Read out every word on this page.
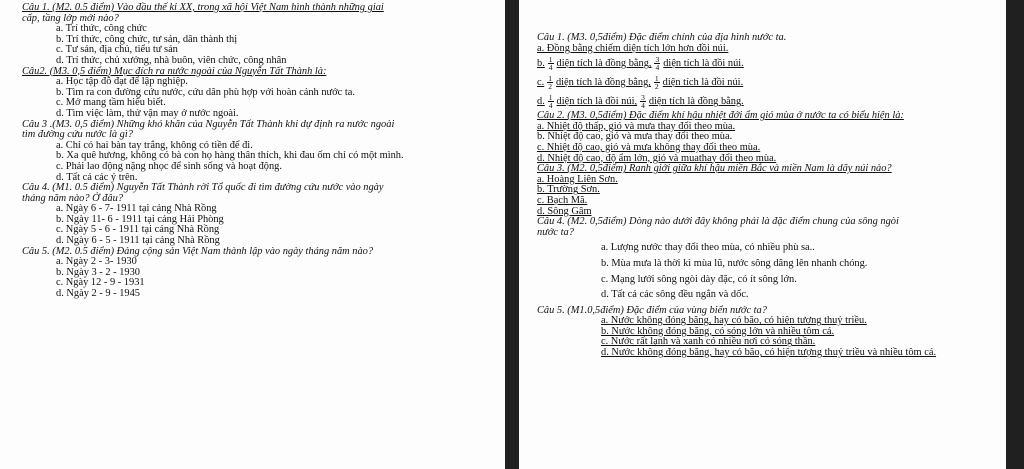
Câu 1. (M2. 0.5 điểm) Vào đầu thế kỉ XX, trong xã hội Việt Nam hình thành những giai
cấp, tầng lớp mới nào?

a. Trí thức, công chức

b. Trí thức, công chức, tư sản, dân thành thị

c. Tư sản, địa chủ, tiểu tư sản

d. Trí thức, chủ xưởng, nhà buôn, viên chức, công nhân

Câu2. (M3. 0,5 điểm) Mục đích ra nước ngoài của Nguyễn Tất Thành là:

a. Học tập đỗ đạt để lập nghiệp.

b. Tìm ra con đường cứu nước, cứu dân phù hợp với hoàn cảnh nước ta.

c. Mở mang tầm hiểu biết.

d. Tìm việc làm, thử vận may ở nước ngoài.

Câu 3 .(M3. 0,5 điểm) Những khó khăn của Nguyễn Tất Thành khi dự định ra nước ngoài
tìm đường cứu nước là gì?

a. Chỉ có hai bàn tay trắng, không có tiền để đi.

b. Xa quê hương, không có bà con họ hàng thân thích, khi đau ốm chỉ có một mình.

c. Phải lao động nặng nhọc để sinh sống và hoạt động.

d. Tất cả các ý trên.

Câu 4. (M1. 0.5 điểm) Nguyễn Tất Thành rời Tổ quốc đi tìm đường cứu nước vào ngày
tháng năm nào? Ở đâu?

a. Ngày 6 - 7- 1911 tại cảng Nhà Rồng

b. Ngày 11- 6 - 1911 tại cảng Hải Phòng

c. Ngày 5 - 6 - 1911 tại cảng Nhà Rồng

d. Ngày 6 - 5 - 1911 tại cảng Nhà Rồng

Câu 5. (M2. 0.5 điểm) Đảng cộng sản Việt Nam thành lập vào ngày tháng năm nào?

a. Ngày 2 - 3- 1930

b. Ngày 3 - 2 - 1930

c. Ngày 12 - 9 - 1931

d. Ngày 2 - 9 - 1945

Câu 1. (M3. 0,5điểm) Đặc điểm chính của địa hình nước ta.

a. Đồng bằng chiếm diện tích lớn hơn đồi núi.

b. $\frac{1}{4}$ diện tích là đồng bằng, $\frac{3}{4}$ diện tích là đồi núi.

c. $\frac{1}{2}$ diện tích là đồng bằng, $\frac{1}{2}$ diện tích là đồi núi.

d. $\frac{1}{4}$ diện tích là đồi núi, $\frac{3}{4}$ diện tích là đồng bằng.

Câu 2. (M3. 0,5điểm) Đặc điểm khí hậu nhiệt đới ẩm gió mùa ở nước ta có biểu hiện là:

a. Nhiệt độ thấp, gió và mưa thay đổi theo mùa.

b. Nhiệt độ cao, gió và mưa thay đổi theo mùa.

c. Nhiệt độ cao, gió và mưa không thay đổi theo mùa.

d. Nhiệt độ cao, độ ẩm lớn, gió và muathay đổi theo mùa.

Câu 3. (M2. 0,5điểm) Ranh giới giữa khí hậu miền Bắc và miền Nam là dãy núi nào?

a. Hoàng Liên Sơn.

b. Trường Sơn.

c. Bạch Mã.

d. Sông Gâm

Câu 4. (M2. 0,5điểm) Dòng nào dưới đây không phải là đặc điểm chung của sông ngòi
nước ta?

a. Lượng nước thay đổi theo mùa, có nhiều phù sa..

b. Mùa mưa là thời kì mùa lũ, nước sông dâng lên nhanh chóng.

c. Mạng lưới sông ngòi dày đặc, có ít sông lớn.

d. Tất cả các sông đều ngắn và dốc.

Câu 5. (M1.0,5điểm) Đặc điểm của vùng biển nước ta?

a. Nước không đóng băng, hay có bão, có hiện tượng thuỷ triều.

b. Nước không đóng băng, có sóng lớn và nhiều tôm cá.

c. Nước rất lạnh và xanh có nhiều nơi có sóng thần.

d. Nước không đóng băng, hay có bão, có hiện tượng thuỷ triều và nhiều tôm cá.
